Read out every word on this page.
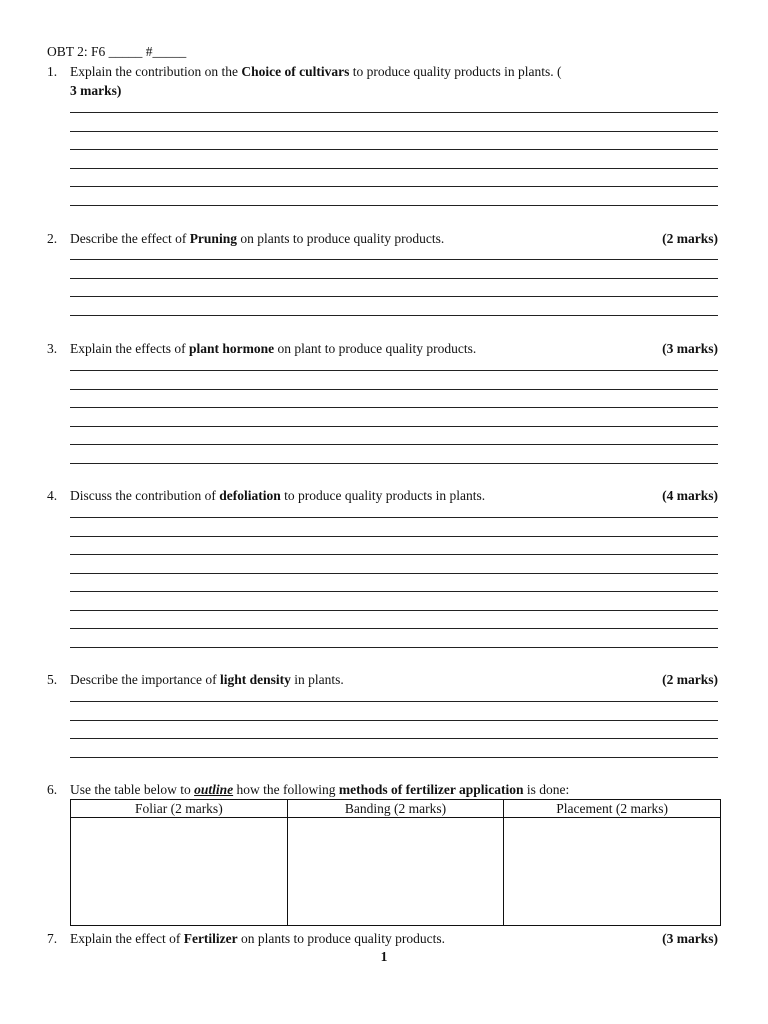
OBT 2: F6 _____ #_____
1. Explain the contribution on the Choice of cultivars to produce quality products in plants. (
3 marks)
2. Describe the effect of Pruning on plants to produce quality products.	(2 marks)
3. Explain the effects of plant hormone on plant to produce quality products.	(3 marks)
4. Discuss the contribution of defoliation to produce quality products in plants.	(4 marks)
5. Describe the importance of light density in plants.	(2 marks)
6. Use the table below to outline how the following methods of fertilizer application is done:
Foliar (2 marks)	Banding (2 marks)	Placement (2 marks)

7. Explain the effect of Fertilizer on plants to produce quality products.	(3 marks)
1
